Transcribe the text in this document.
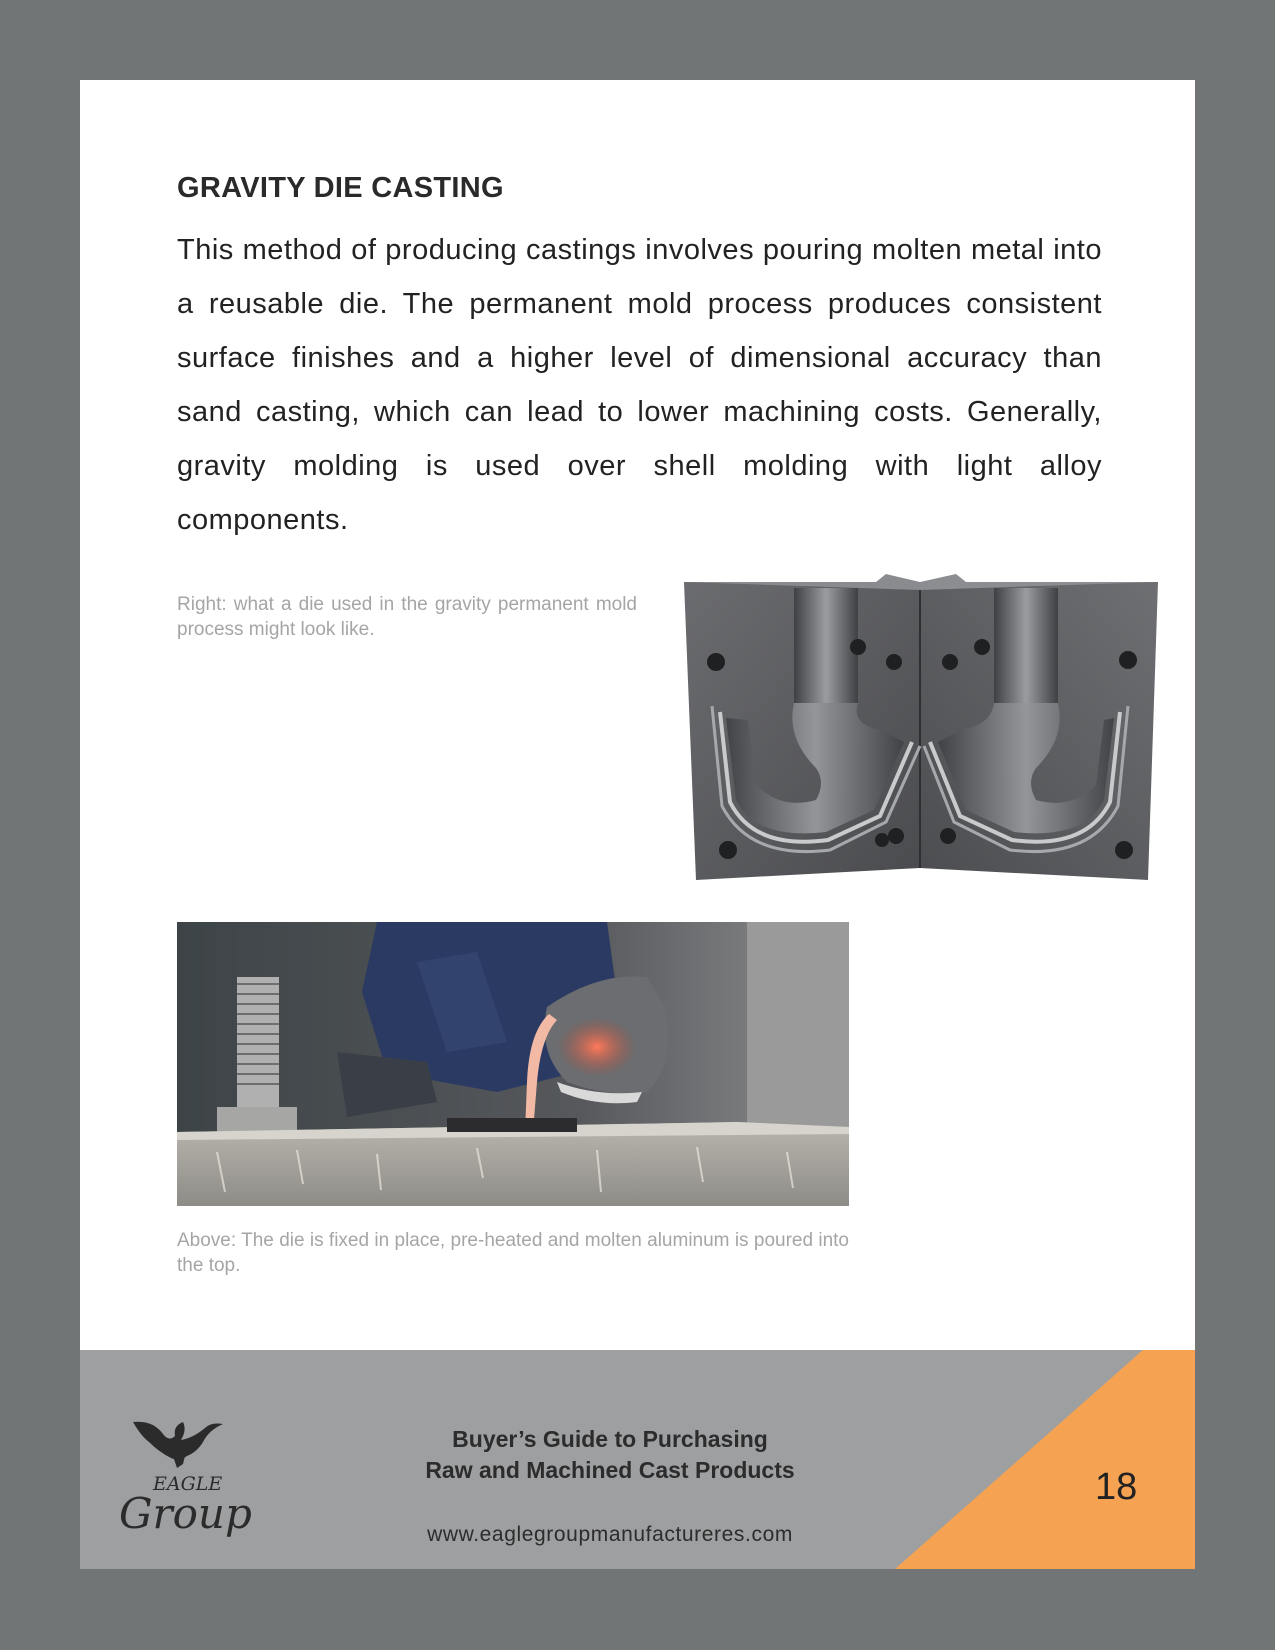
GRAVITY DIE CASTING

This method of producing castings involves pouring molten metal into a reusable die. The permanent mold process produces consistent surface finishes and a higher level of dimensional accuracy than sand casting, which can lead to lower machining costs. Generally, gravity molding is used over shell molding with light alloy components.

Right: what a die used in the gravity permanent mold process might look like.

Above: The die is fixed in place, pre-heated and molten aluminum is poured into the top.

EAGLE
Group
Buyer’s Guide to Purchasing
Raw and Machined Cast Products
www.eaglegroupmanufactureres.com
18
